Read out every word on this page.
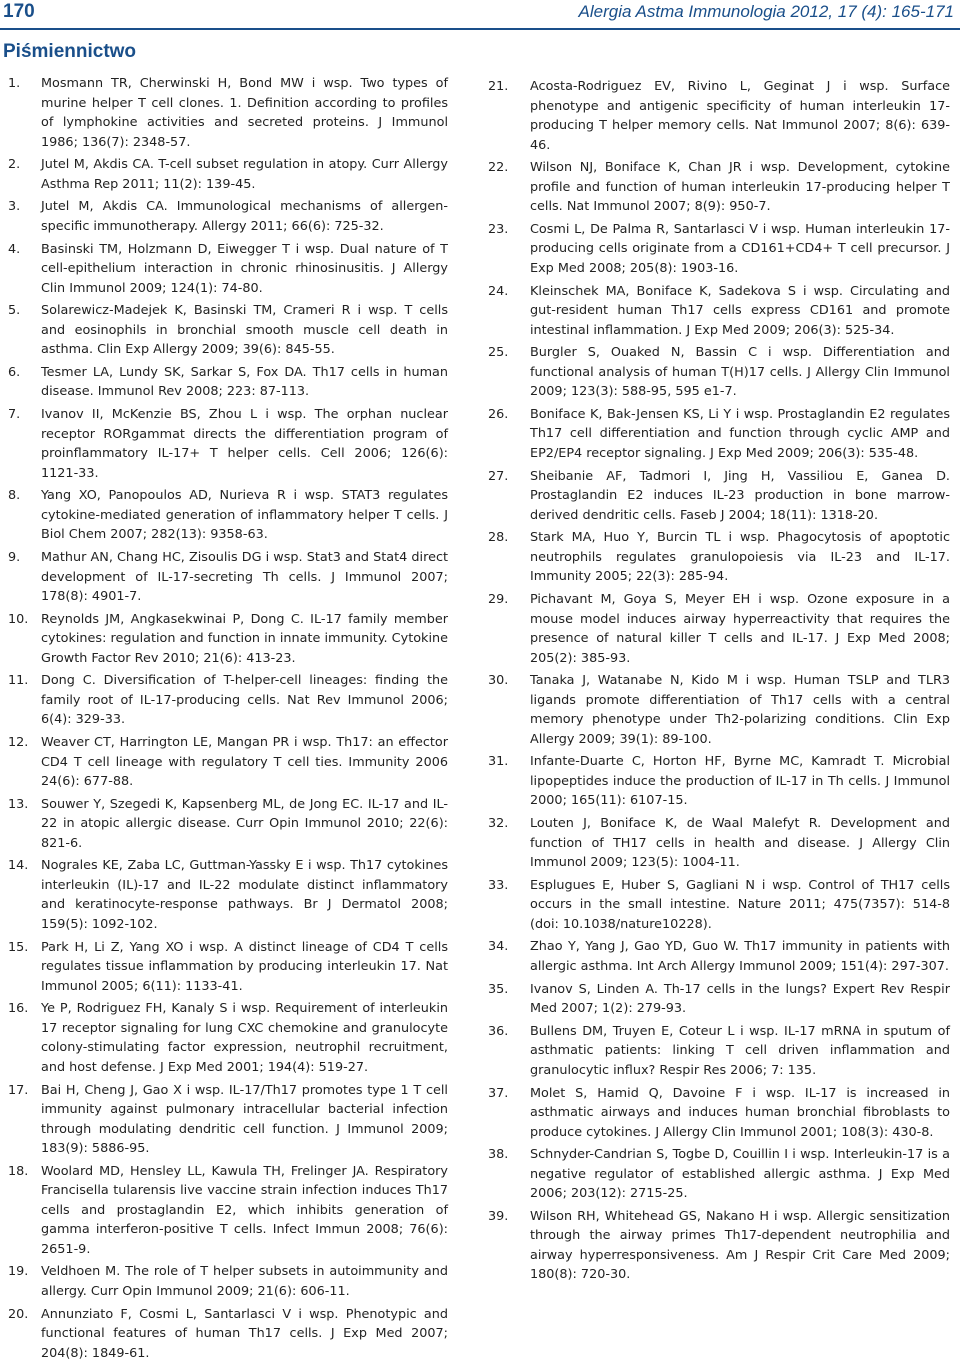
170	Alergia Astma Immunologia 2012, 17 (4): 165-171
Piśmiennictwo
1.	Mosmann TR, Cherwinski H, Bond MW i wsp. Two types of murine helper T cell clones. 1. Definition according to profiles of lymphokine activities and secreted proteins. J Immunol 1986; 136(7): 2348-57.
2.	Jutel M, Akdis CA. T-cell subset regulation in atopy. Curr Allergy Asthma Rep 2011; 11(2): 139-45.
3.	Jutel M, Akdis CA. Immunological mechanisms of allergen-specific immunotherapy. Allergy 2011; 66(6): 725-32.
4.	Basinski TM, Holzmann D, Eiwegger T i wsp. Dual nature of T cell-epithelium interaction in chronic rhinosinusitis. J Allergy Clin Immunol 2009; 124(1): 74-80.
5.	Solarewicz-Madejek K, Basinski TM, Crameri R i wsp. T cells and eosinophils in bronchial smooth muscle cell death in asthma. Clin Exp Allergy 2009; 39(6): 845-55.
6.	Tesmer LA, Lundy SK, Sarkar S, Fox DA. Th17 cells in human disease. Immunol Rev 2008; 223: 87-113.
7.	Ivanov II, McKenzie BS, Zhou L i wsp. The orphan nuclear receptor RORgammat directs the differentiation program of proinflammatory IL-17+ T helper cells. Cell 2006; 126(6): 1121-33.
8.	Yang XO, Panopoulos AD, Nurieva R i wsp. STAT3 regulates cytokine-mediated generation of inflammatory helper T cells. J Biol Chem 2007; 282(13): 9358-63.
9.	Mathur AN, Chang HC, Zisoulis DG i wsp. Stat3 and Stat4 direct development of IL-17-secreting Th cells. J Immunol 2007; 178(8): 4901-7.
10. Reynolds JM, Angkasekwinai P, Dong C. IL-17 family member cytokines: regulation and function in innate immunity. Cytokine Growth Factor Rev 2010; 21(6): 413-23.
11. Dong C. Diversification of T-helper-cell lineages: finding the family root of IL-17-producing cells. Nat Rev Immunol 2006; 6(4): 329-33.
12. Weaver CT, Harrington LE, Mangan PR i wsp. Th17: an effector CD4 T cell lineage with regulatory T cell ties. Immunity 2006 24(6): 677-88.
13. Souwer Y, Szegedi K, Kapsenberg ML, de Jong EC. IL-17 and IL-22 in atopic allergic disease. Curr Opin Immunol 2010; 22(6): 821-6.
14. Nograles KE, Zaba LC, Guttman-Yassky E i wsp. Th17 cytokines interleukin (IL)-17 and IL-22 modulate distinct inflammatory and keratinocyte-response pathways. Br J Dermatol 2008; 159(5): 1092-102.
15. Park H, Li Z, Yang XO i wsp. A distinct lineage of CD4 T cells regulates tissue inflammation by producing interleukin 17. Nat Immunol 2005; 6(11): 1133-41.
16. Ye P, Rodriguez FH, Kanaly S i wsp. Requirement of interleukin 17 receptor signaling for lung CXC chemokine and granulocyte colony-stimulating factor expression, neutrophil recruitment, and host defense. J Exp Med 2001; 194(4): 519-27.
17. Bai H, Cheng J, Gao X i wsp. IL-17/Th17 promotes type 1 T cell immunity against pulmonary intracellular bacterial infection through modulating dendritic cell function. J Immunol 2009; 183(9): 5886-95.
18. Woolard MD, Hensley LL, Kawula TH, Frelinger JA. Respiratory Francisella tularensis live vaccine strain infection induces Th17 cells and prostaglandin E2, which inhibits generation of gamma interferon-positive T cells. Infect Immun 2008; 76(6): 2651-9.
19. Veldhoen M. The role of T helper subsets in autoimmunity and allergy. Curr Opin Immunol 2009; 21(6): 606-11.
20. Annunziato F, Cosmi L, Santarlasci V i wsp. Phenotypic and functional features of human Th17 cells. J Exp Med 2007; 204(8): 1849-61.
21.	Acosta-Rodriguez EV, Rivino L, Geginat J i wsp. Surface phenotype and antigenic specificity of human interleukin 17-producing T helper memory cells. Nat Immunol 2007; 8(6): 639-46.
22.	Wilson NJ, Boniface K, Chan JR i wsp. Development, cytokine profile and function of human interleukin 17-producing helper T cells. Nat Immunol 2007; 8(9): 950-7.
23.	Cosmi L, De Palma R, Santarlasci V i wsp. Human interleukin 17-producing cells originate from a CD161+CD4+ T cell precursor. J Exp Med 2008; 205(8): 1903-16.
24.	Kleinschek MA, Boniface K, Sadekova S i wsp. Circulating and gut-resident human Th17 cells express CD161 and promote intestinal inflammation. J Exp Med 2009; 206(3): 525-34.
25.	Burgler S, Ouaked N, Bassin C i wsp. Differentiation and functional analysis of human T(H)17 cells. J Allergy Clin Immunol 2009; 123(3): 588-95, 595 e1-7.
26.	Boniface K, Bak-Jensen KS, Li Y i wsp. Prostaglandin E2 regulates Th17 cell differentiation and function through cyclic AMP and EP2/EP4 receptor signaling. J Exp Med 2009; 206(3): 535-48.
27.	Sheibanie AF, Tadmori I, Jing H, Vassiliou E, Ganea D. Prostaglandin E2 induces IL-23 production in bone marrow-derived dendritic cells. Faseb J 2004; 18(11): 1318-20.
28.	Stark MA, Huo Y, Burcin TL i wsp. Phagocytosis of apoptotic neutrophils regulates granulopoiesis via IL-23 and IL-17. Immunity 2005; 22(3): 285-94.
29.	Pichavant M, Goya S, Meyer EH i wsp. Ozone exposure in a mouse model induces airway hyperreactivity that requires the presence of natural killer T cells and IL-17. J Exp Med 2008; 205(2): 385-93.
30.	Tanaka J, Watanabe N, Kido M i wsp. Human TSLP and TLR3 ligands promote differentiation of Th17 cells with a central memory phenotype under Th2-polarizing conditions. Clin Exp Allergy 2009; 39(1): 89-100.
31.	Infante-Duarte C, Horton HF, Byrne MC, Kamradt T. Microbial lipopeptides induce the production of IL-17 in Th cells. J Immunol 2000; 165(11): 6107-15.
32.	Louten J, Boniface K, de Waal Malefyt R. Development and function of TH17 cells in health and disease. J Allergy Clin Immunol 2009; 123(5): 1004-11.
33.	Esplugues E, Huber S, Gagliani N i wsp. Control of TH17 cells occurs in the small intestine. Nature 2011; 475(7357): 514-8 (doi: 10.1038/nature10228).
34.	Zhao Y, Yang J, Gao YD, Guo W. Th17 immunity in patients with allergic asthma. Int Arch Allergy Immunol 2009; 151(4): 297-307.
35.	Ivanov S, Linden A. Th-17 cells in the lungs? Expert Rev Respir Med 2007; 1(2): 279-93.
36.	Bullens DM, Truyen E, Coteur L i wsp. IL-17 mRNA in sputum of asthmatic patients: linking T cell driven inflammation and granulocytic influx? Respir Res 2006; 7: 135.
37.	Molet S, Hamid Q, Davoine F i wsp. IL-17 is increased in asthmatic airways and induces human bronchial fibroblasts to produce cytokines. J Allergy Clin Immunol 2001; 108(3): 430-8.
38.	Schnyder-Candrian S, Togbe D, Couillin I i wsp. Interleukin-17 is a negative regulator of established allergic asthma. J Exp Med 2006; 203(12): 2715-25.
39.	Wilson RH, Whitehead GS, Nakano H i wsp. Allergic sensitization through the airway primes Th17-dependent neutrophilia and airway hyperresponsiveness. Am J Respir Crit Care Med 2009; 180(8): 720-30.
